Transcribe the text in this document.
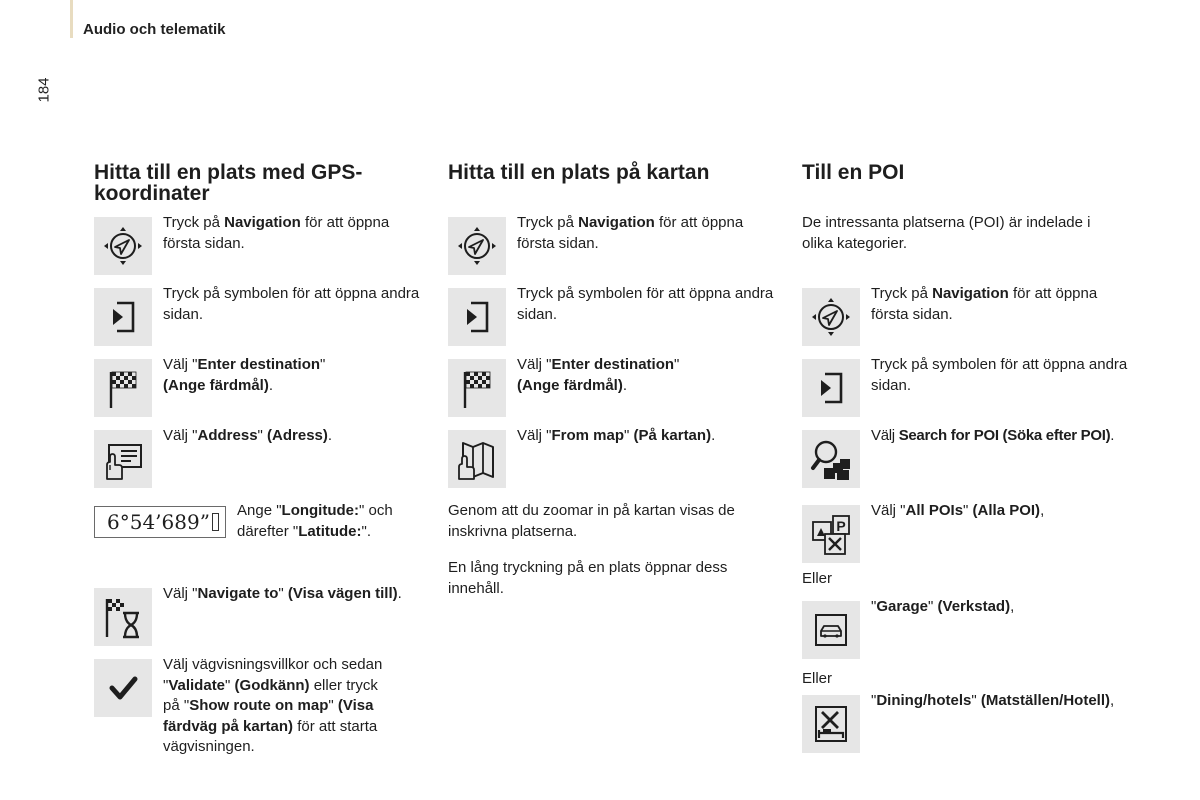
Audio och telematik
184
Hitta till en plats med GPS-koordinater
Tryck på Navigation för att öppna första sidan.
Tryck på symbolen för att öppna andra sidan.
Välj "Enter destination"
(Ange färdmål).
Välj "Address" (Adress).
6°54’689” Ange "Longitude:" och därefter "Latitude:".
Välj "Navigate to" (Visa vägen till).
Välj vägvisningsvillkor och sedan "Validate" (Godkänn) eller tryck på "Show route on map" (Visa färdväg på kartan) för att starta vägvisningen.
Hitta till en plats på kartan
Tryck på Navigation för att öppna första sidan.
Tryck på symbolen för att öppna andra sidan.
Välj "Enter destination"
(Ange färdmål).
Välj "From map" (På kartan).
Genom att du zoomar in på kartan visas de inskrivna platserna.
En lång tryckning på en plats öppnar dess innehåll.
Till en POI
De intressanta platserna (POI) är indelade i olika kategorier.
Tryck på Navigation för att öppna första sidan.
Tryck på symbolen för att öppna andra sidan.
Välj Search for POI (Söka efter POI).
Välj "All POIs" (Alla POI),
Eller
"Garage" (Verkstad),
Eller
"Dining/hotels" (Matställen/Hotell),
